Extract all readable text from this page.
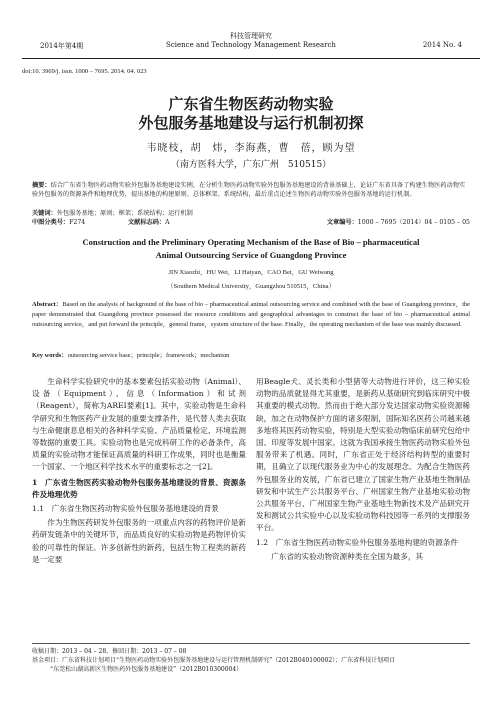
2014年第4期
科技管理研究
Science and Technology Management Research	2014 No. 4
doi:10. 3969/j. issn. 1000 – 7695. 2014. 04. 023
广东省生物医药动物实验
外包服务基地建设与运行机制初探
韦晓枝，胡　炜，李海燕，曹　蓓，顾为望
（南方医科大学，广东广州　510515）
摘要：结合广东省生物医药动物实验外包服务基地建设实例，在分析生物医药动物实验外包服务基地建设的背景基础上，论证广东省具备了构建生物医药动物实验外包服务的资源条件和地理优势，提出基地的构建原则、总体框架、系统结构，最后重点论述生物医药动物实验外包服务基地的运行机制。
关键词：外包服务基地；原则；框架；系统结构；运行机制
中图分类号：F274	文献标志码：A	文章编号：1000 – 7695（2014）04 – 0105 – 05
Construction and the Preliminary Operating Mechanism of the Base of Bio – pharmaceutical
Animal Outsourcing Service of Guangdong Province
JIN Xiaozhi，HU Wei，LI Haiyan，CAO Bei，GU Weiwang
（Southern Medical University，Guangzhou 510515，China）
Abstract：Based on the analysis of background of the base of bio – pharmaceutical animal outsourcing service and combined with the base of Guangdong province，the paper demonstrated that Guangdong province possessed the resource conditions and geographical advantages to construct the base of bio – pharmaceutical animal outsourcing service，and put forward the principle，general frame，system structure of the base. Finally，the operating mechanism of the base was mainly discussed.
Key words：outsourcing service base；principle；framework；mechanism

生命科学实验研究中的基本要素包括实验动物（Animal）、设备（Equipment）、信息（Information）和试剂（Reagent），简称为AREI要素[1]。其中，实验动物是生命科学研究和生物医药产业发展的重要支撑条件，是代替人类去获取与生命健康息息相关的各种科学实验、产品质量检定、环境监测等数据的重要工具。实验动物也是完成科研工作的必备条件，高质量的实验动物才能保证高质量的科研工作成果，同时也是衡量一个国家、一个地区科学技术水平的重要标志之一[2]。

1　广东省生物医药实验动物外包服务基地建设的背景、资源条件及地理优势
1.1　广东省生物医药动物实验外包服务基地建设的背景

作为生物医药研发外包服务的一项重点内容的药物评价是新药研发链条中的关键环节，而品质良好的实验动物是药物评价实验的可靠性的保证。许多创新性的新药，包括生物工程类的新药是一定要

用Beagle犬、灵长类和小型猪等大动物进行评价，这三种实验动物的品质就显得尤其重要，是新药从基础研究到临床研究中极其重要的模式动物。然而由于绝大部分发达国家动物实验资源稀缺，加之在动物保护方面的诸多限制，国际知名医药公司越来越多地将其医药动物实验，特别是大型实验动物临床前研究包给中国、印度等发展中国家。这就为我国承接生物医药动物实验外包服务带来了机遇。同时，广东省正处于经济结构转型的重要时期，且确立了以现代服务业为中心的发展理念。为配合生物医药外包服务业的发展，广东省已建立了国家生物产业基地生物制品研发和中试生产公共服务平台、广州国家生物产业基地实验动物公共服务平台、广州国家生物产业基地生物新技术及产品研究开发和测试公共实验中心以及实验动物科技园等一系列的支撑服务平台。

1.2　广东省生物医药动物实验外包服务基地构建的资源条件

广东省的实验动物资源种类在全国为最多，其

收稿日期：2013 – 04 – 28，修回日期：2013 – 07 – 08
基金项目：广东省科技计划项目“生物医药动物实验外包服务基地建设与运行管理机制研究”（2012B040100002）；广东省科技计划项目
“东莞松山湖高新区生物医药外包服务基地建设”（2012B010300004）
